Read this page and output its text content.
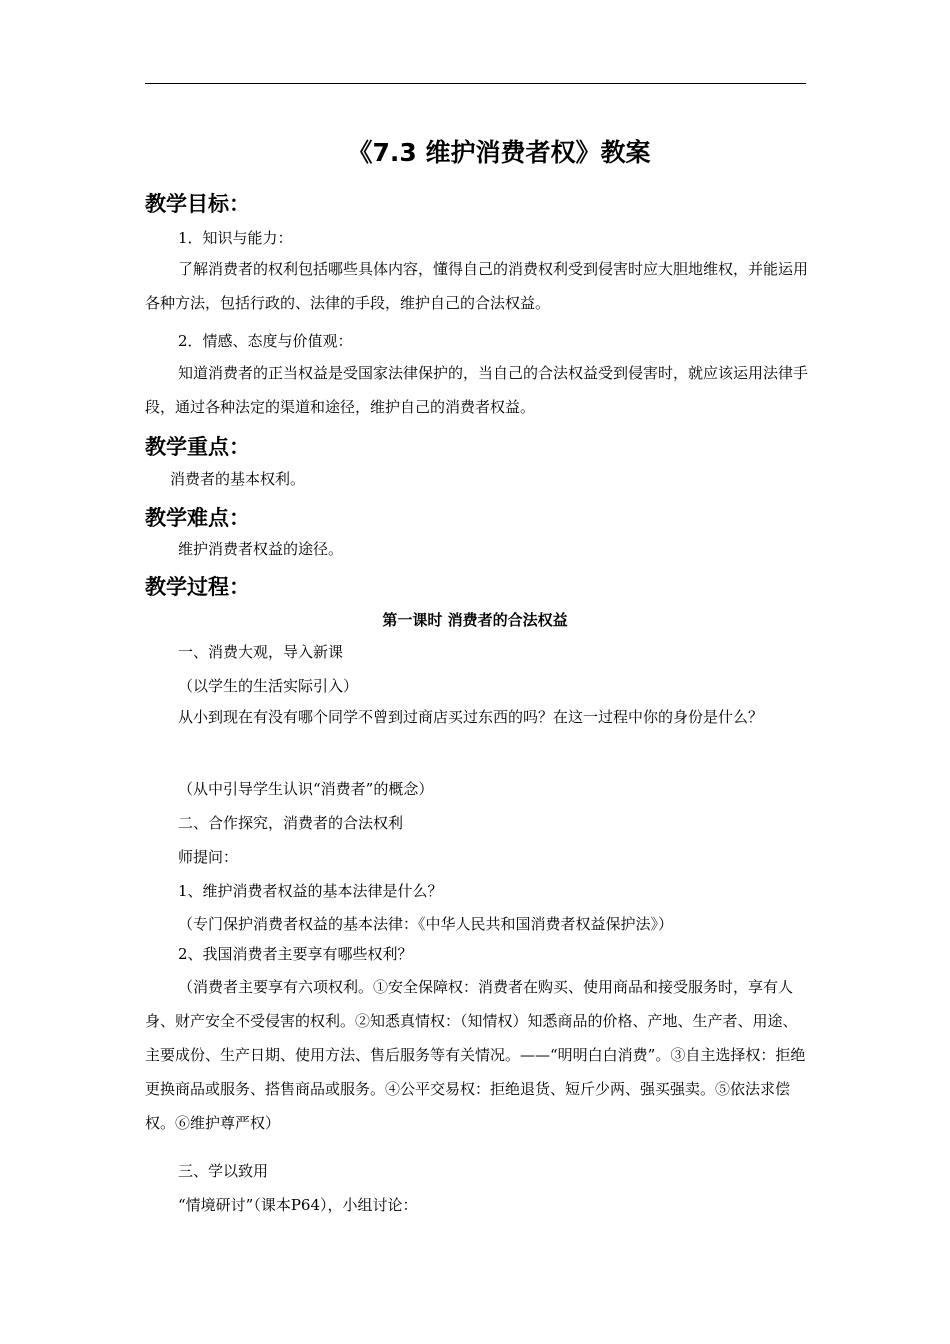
《7.3 维护消费者权》教案
教学目标：
1．知识与能力：
了解消费者的权利包括哪些具体内容，懂得自己的消费权利受到侵害时应大胆地维权，并能运用各种方法，包括行政的、法律的手段，维护自己的合法权益。
2．情感、态度与价值观：
知道消费者的正当权益是受国家法律保护的，当自己的合法权益受到侵害时，就应该运用法律手段，通过各种法定的渠道和途径，维护自己的消费者权益。
教学重点：
消费者的基本权利。
教学难点：
维护消费者权益的途径。
教学过程：
第一课时 消费者的合法权益
一、消费大观，导入新课
（以学生的生活实际引入）
从小到现在有没有哪个同学不曾到过商店买过东西的吗？在这一过程中你的身份是什么？
（从中引导学生认识“消费者”的概念）
二、合作探究，消费者的合法权利
师提问：
1、维护消费者权益的基本法律是什么？
（专门保护消费者权益的基本法律：《中华人民共和国消费者权益保护法》）
2、我国消费者主要享有哪些权利？
（消费者主要享有六项权利。①安全保障权：消费者在购买、使用商品和接受服务时，享有人身、财产安全不受侵害的权利。②知悉真情权：（知情权）知悉商品的价格、产地、生产者、用途、主要成份、生产日期、使用方法、售后服务等有关情况。——“明明白白消费”。③自主选择权：拒绝更换商品或服务、搭售商品或服务。④公平交易权：拒绝退货、短斤少两、强买强卖。⑤依法求偿权。⑥维护尊严权）
三、学以致用
“情境研讨”（课本P64），小组讨论：
